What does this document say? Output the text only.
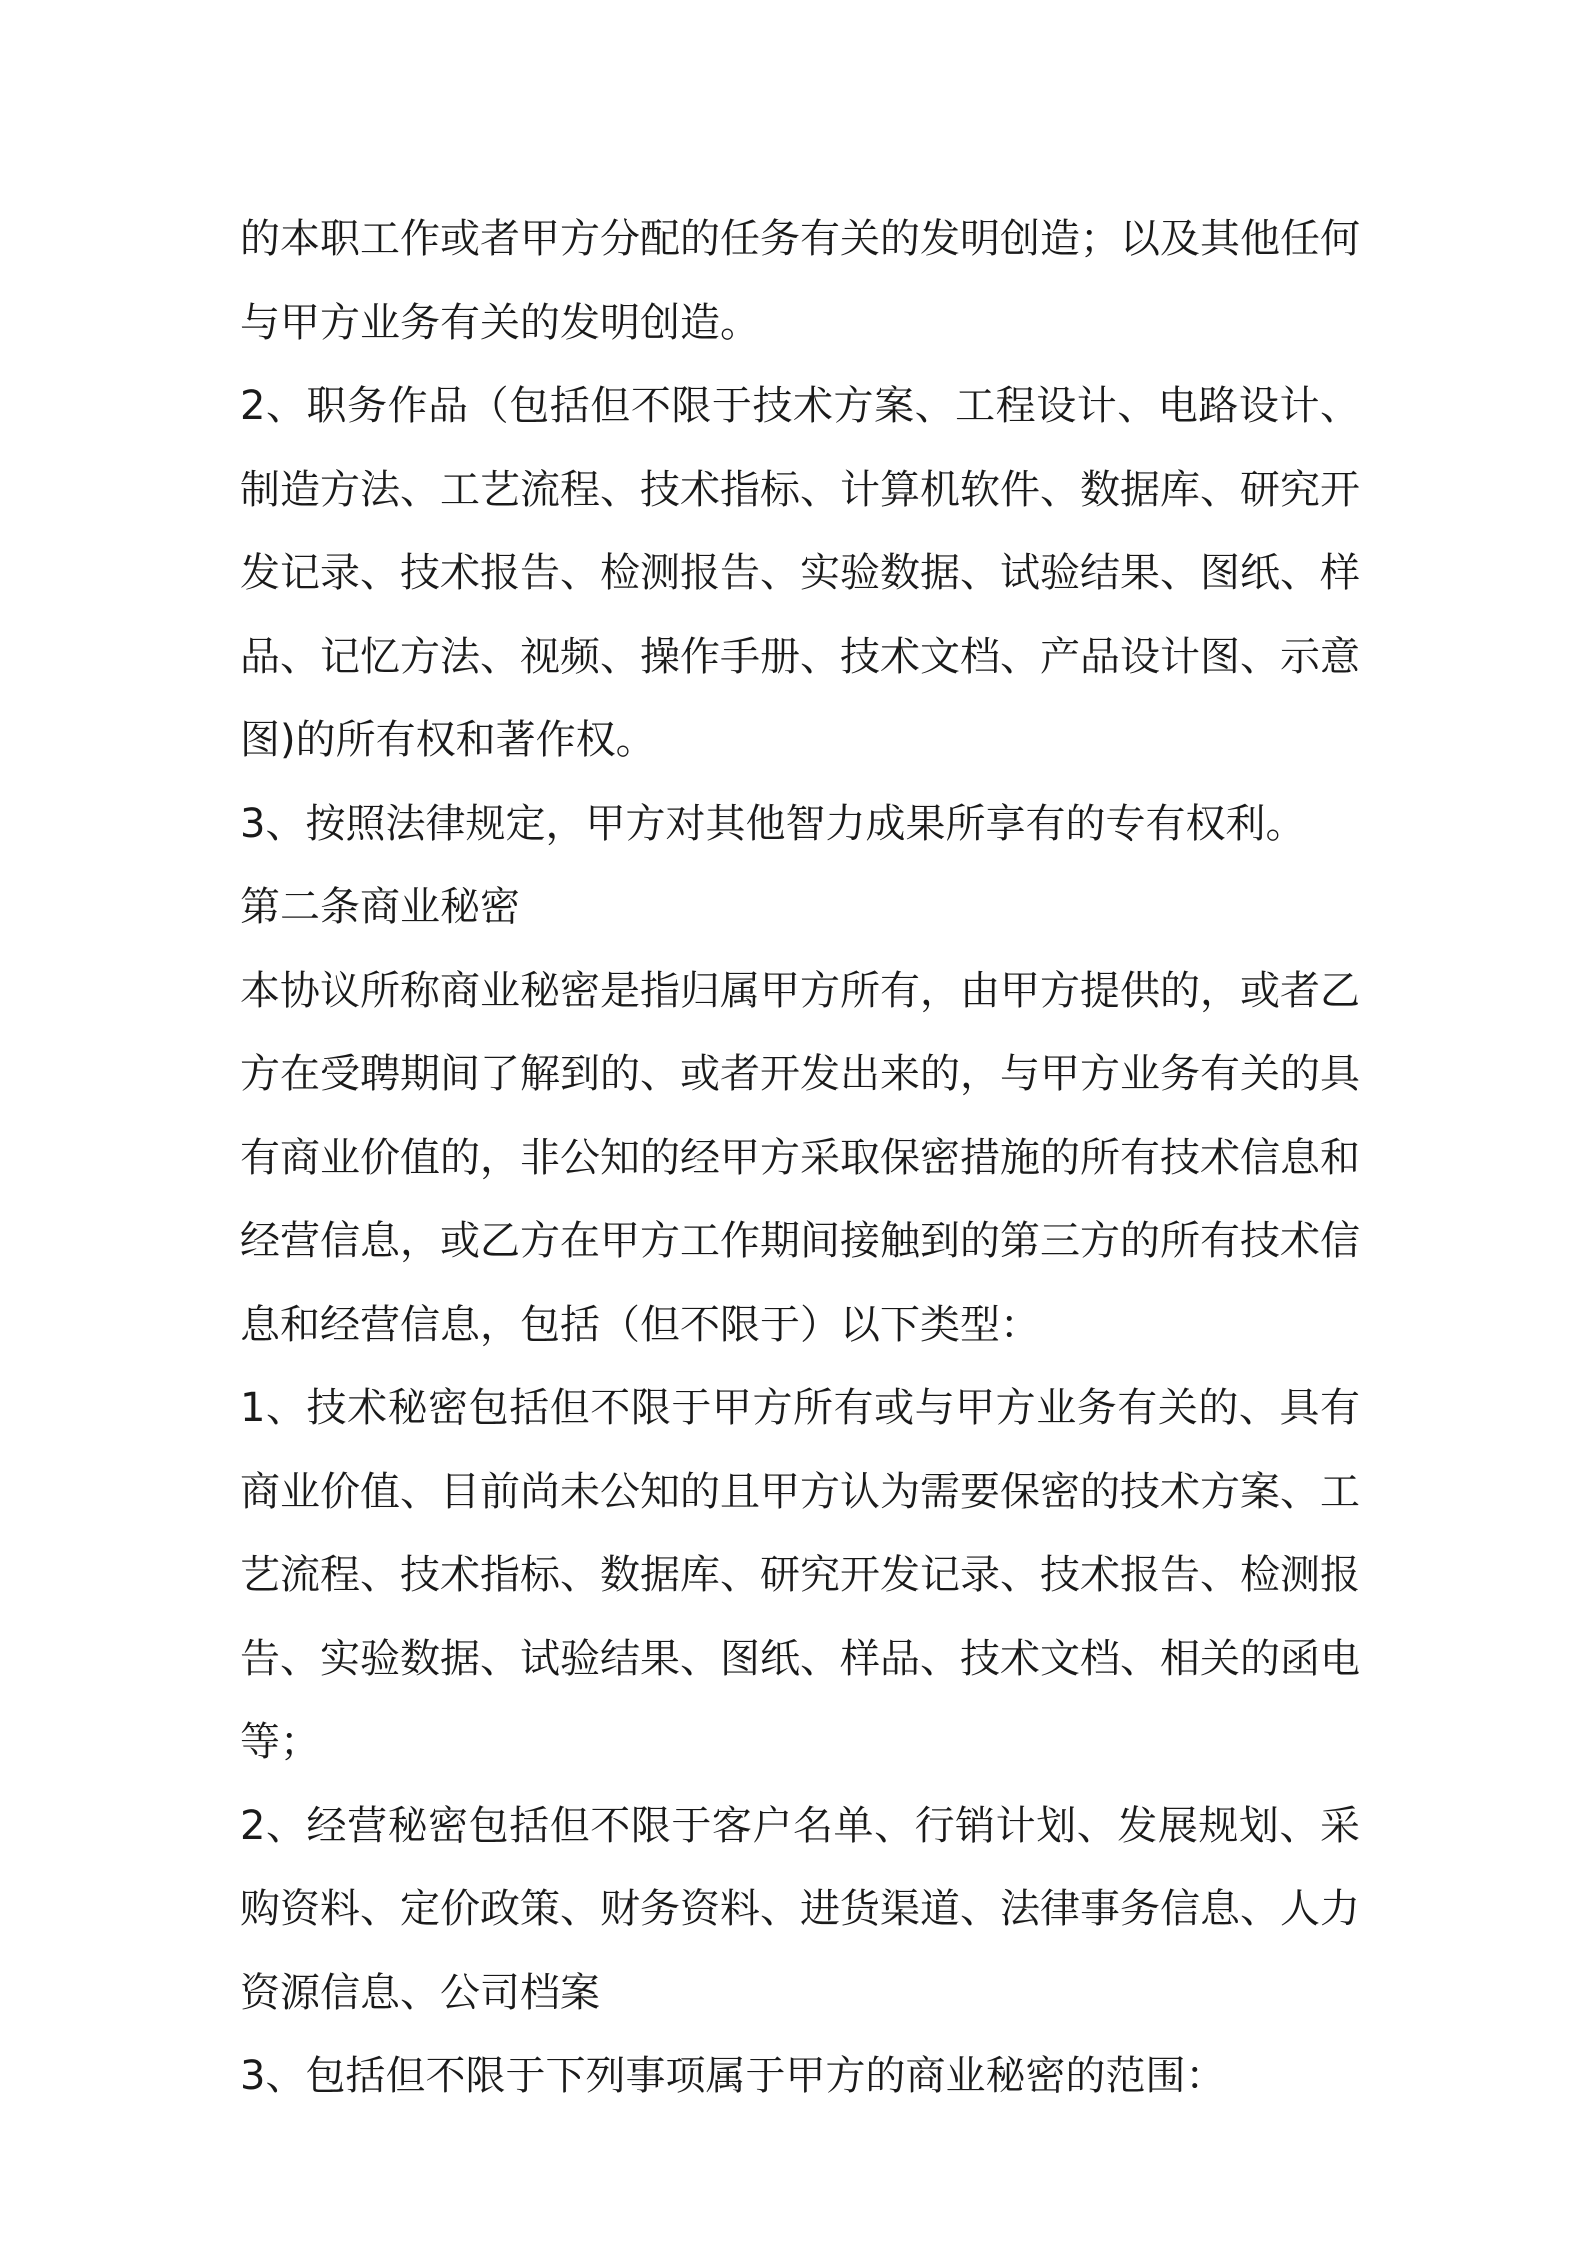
的本职工作或者甲方分配的任务有关的发明创造；以及其他任何与甲方业务有关的发明创造。

2、职务作品（包括但不限于技术方案、工程设计、电路设计、制造方法、工艺流程、技术指标、计算机软件、数据库、研究开发记录、技术报告、检测报告、实验数据、试验结果、图纸、样品、记忆方法、视频、操作手册、技术文档、产品设计图、示意图)的所有权和著作权。

3、按照法律规定，甲方对其他智力成果所享有的专有权利。

第二条商业秘密

本协议所称商业秘密是指归属甲方所有，由甲方提供的，或者乙方在受聘期间了解到的、或者开发出来的，与甲方业务有关的具有商业价值的，非公知的经甲方采取保密措施的所有技术信息和经营信息，或乙方在甲方工作期间接触到的第三方的所有技术信息和经营信息，包括（但不限于）以下类型：

1、技术秘密包括但不限于甲方所有或与甲方业务有关的、具有商业价值、目前尚未公知的且甲方认为需要保密的技术方案、工艺流程、技术指标、数据库、研究开发记录、技术报告、检测报告、实验数据、试验结果、图纸、样品、技术文档、相关的函电等；

2、经营秘密包括但不限于客户名单、行销计划、发展规划、采购资料、定价政策、财务资料、进货渠道、法律事务信息、人力资源信息、公司档案

3、包括但不限于下列事项属于甲方的商业秘密的范围：
